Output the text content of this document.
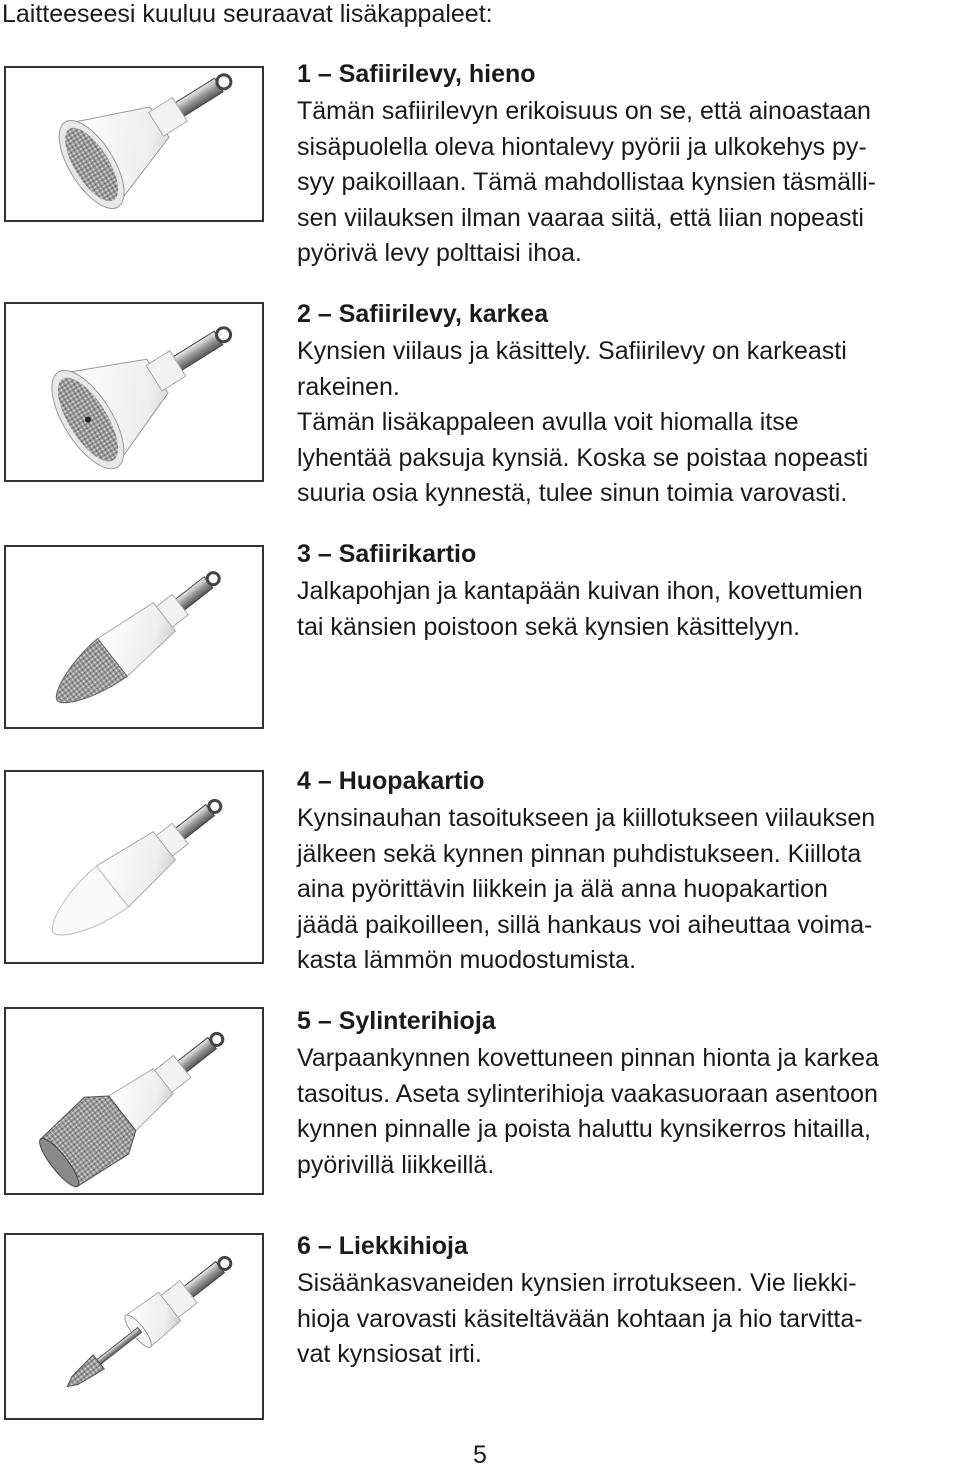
Laitteeseesi kuuluu seuraavat lisäkappaleet:
1 – Safiirilevy, hieno

Tämän safiirilevyn erikoisuus on se, että ainoastaan

sisäpuolella oleva hiontalevy pyörii ja ulkokehys py-

syy paikoillaan. Tämä mahdollistaa kynsien täsmälli-

sen viilauksen ilman vaaraa siitä, että liian nopeasti

pyörivä levy polttaisi ihoa.

2 – Safiirilevy, karkea

Kynsien viilaus ja käsittely. Safiirilevy on karkeasti

rakeinen.

Tämän lisäkappaleen avulla voit hiomalla itse

lyhentää paksuja kynsiä. Koska se poistaa nopeasti

suuria osia kynnestä, tulee sinun toimia varovasti.

3 – Safiirikartio

Jalkapohjan ja kantapään kuivan ihon, kovettumien

tai känsien poistoon sekä kynsien käsittelyyn.

4 – Huopakartio

Kynsinauhan tasoitukseen ja kiillotukseen viilauksen

jälkeen sekä kynnen pinnan puhdistukseen. Kiillota

aina pyörittävin liikkein ja älä anna huopakartion

jäädä paikoilleen, sillä hankaus voi aiheuttaa voima-

kasta lämmön muodostumista.

5 – Sylinterihioja

Varpaankynnen kovettuneen pinnan hionta ja karkea

tasoitus. Aseta sylinterihioja vaakasuoraan asentoon

kynnen pinnalle ja poista haluttu kynsikerros hitailla,

pyörivillä liikkeillä.

6 – Liekkihioja

Sisäänkasvaneiden kynsien irrotukseen. Vie liekki-

hioja varovasti käsiteltävään kohtaan ja hio tarvitta-

vat kynsiosat irti.

5
